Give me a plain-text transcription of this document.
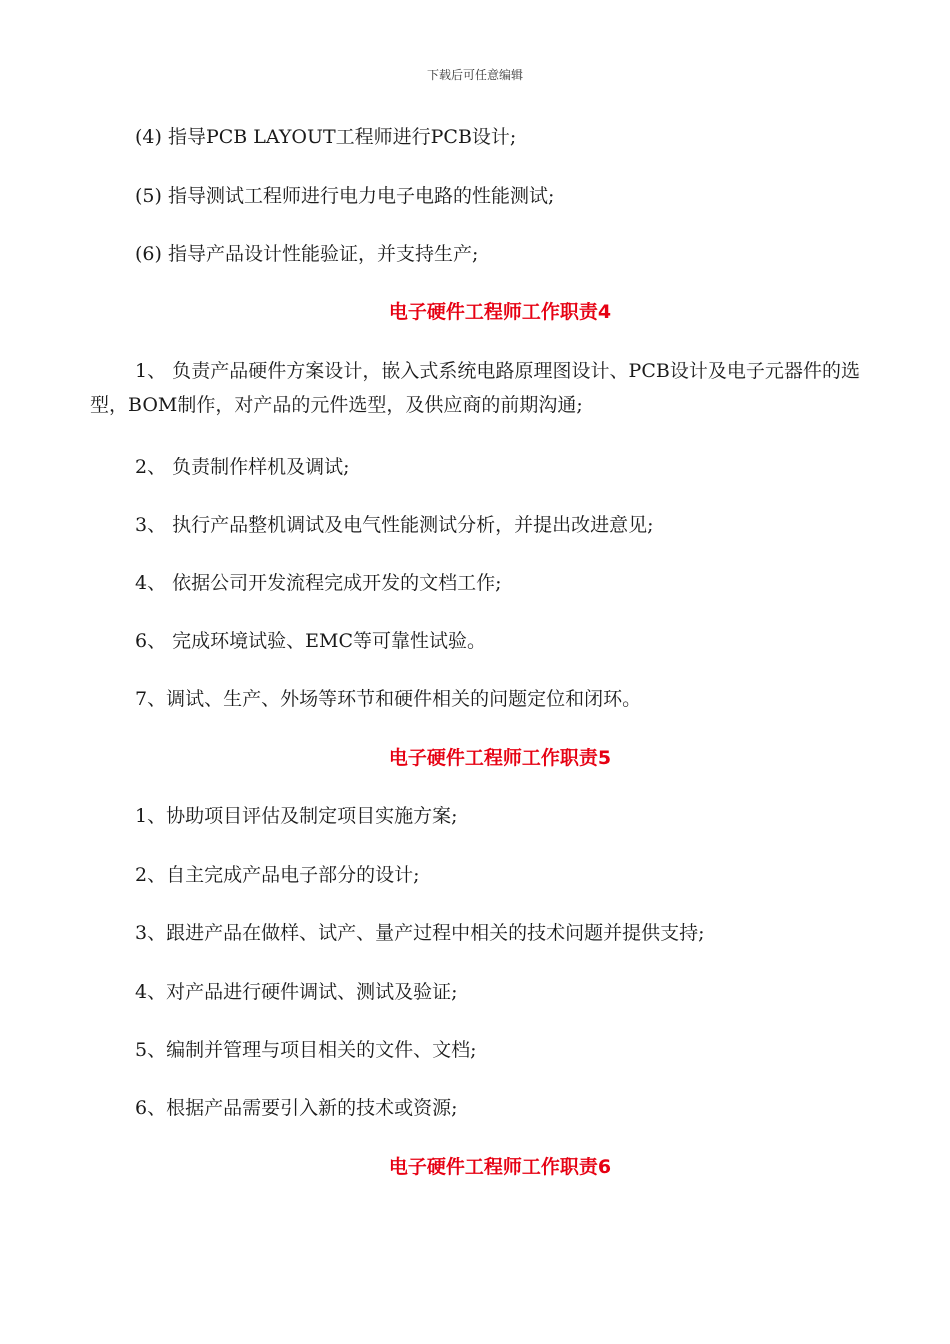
下载后可任意编辑
(4) 指导PCB LAYOUT工程师进行PCB设计;
(5) 指导测试工程师进行电力电子电路的性能测试;
(6) 指导产品设计性能验证，并支持生产;
电子硬件工程师工作职责4
1、 负责产品硬件方案设计，嵌入式系统电路原理图设计、PCB设计及电子元器件的选型，BOM制作，对产品的元件选型，及供应商的前期沟通;
2、 负责制作样机及调试;
3、 执行产品整机调试及电气性能测试分析，并提出改进意见;
4、 依据公司开发流程完成开发的文档工作;
6、 完成环境试验、EMC等可靠性试验。
7、调试、生产、外场等环节和硬件相关的问题定位和闭环。
电子硬件工程师工作职责5
1、协助项目评估及制定项目实施方案;
2、自主完成产品电子部分的设计;
3、跟进产品在做样、试产、量产过程中相关的技术问题并提供支持;
4、对产品进行硬件调试、测试及验证;
5、编制并管理与项目相关的文件、文档;
6、根据产品需要引入新的技术或资源;
电子硬件工程师工作职责6
